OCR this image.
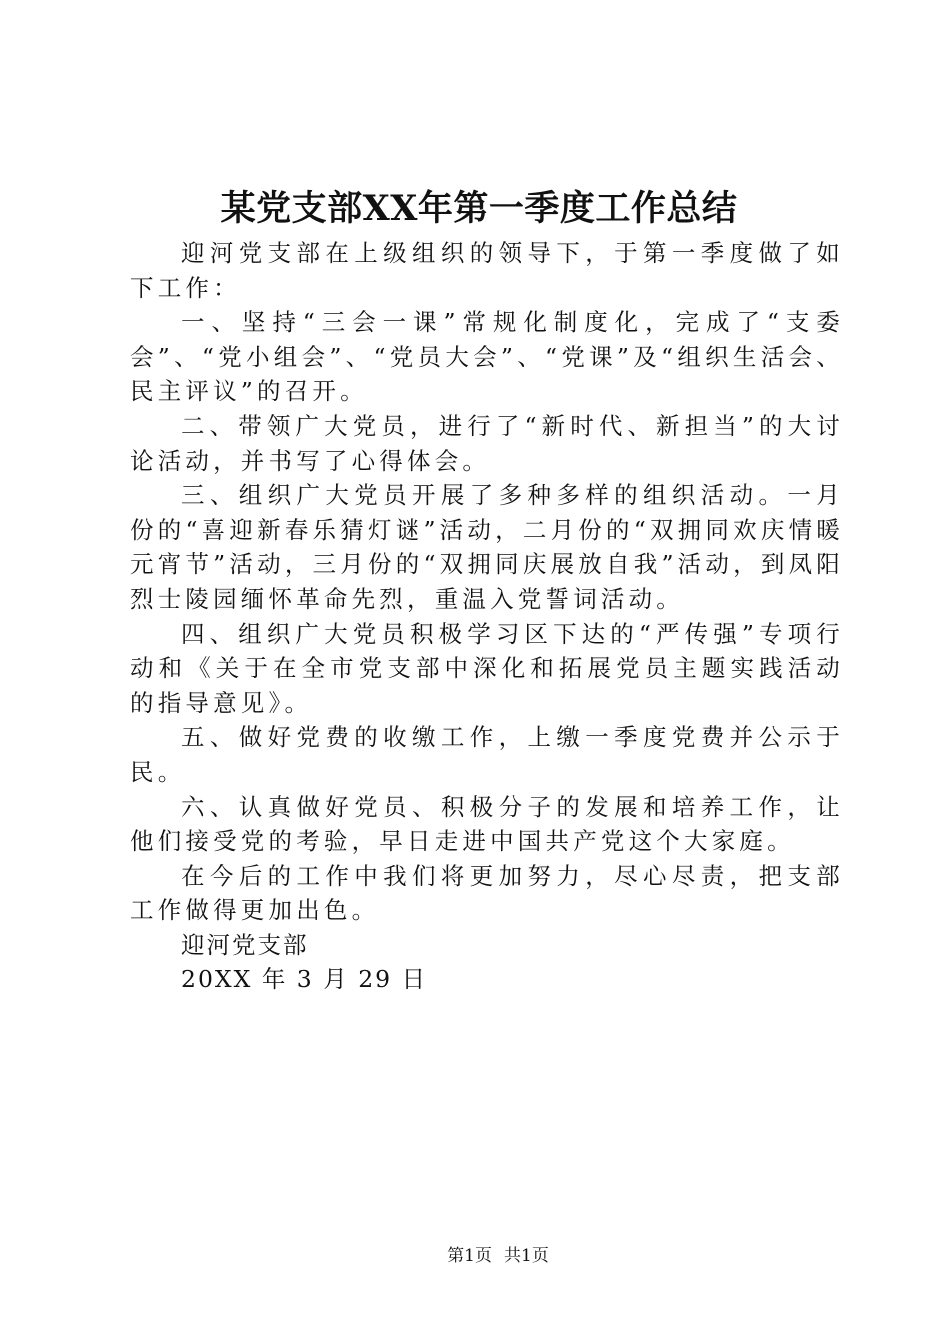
某党支部XX年第一季度工作总结

迎河党支部在上级组织的领导下，于第一季度做了如下工作：

一、坚持“三会一课”常规化制度化，完成了“支委会”、“党小组会”、“党员大会”、“党课”及“组织生活会、民主评议”的召开。

二、带领广大党员，进行了“新时代、新担当”的大讨论活动，并书写了心得体会。

三、组织广大党员开展了多种多样的组织活动。一月份的“喜迎新春乐猜灯谜”活动，二月份的“双拥同欢庆情暖元宵节”活动，三月份的“双拥同庆展放自我”活动，到凤阳烈士陵园缅怀革命先烈，重温入党誓词活动。

四、组织广大党员积极学习区下达的“严传强”专项行动和《关于在全市党支部中深化和拓展党员主题实践活动的指导意见》。

五、做好党费的收缴工作，上缴一季度党费并公示于民。

六、认真做好党员、积极分子的发展和培养工作，让他们接受党的考验，早日走进中国共产党这个大家庭。

在今后的工作中我们将更加努力，尽心尽责，把支部工作做得更加出色。

迎河党支部

20XX 年 3 月 29 日

第1页 共1页
